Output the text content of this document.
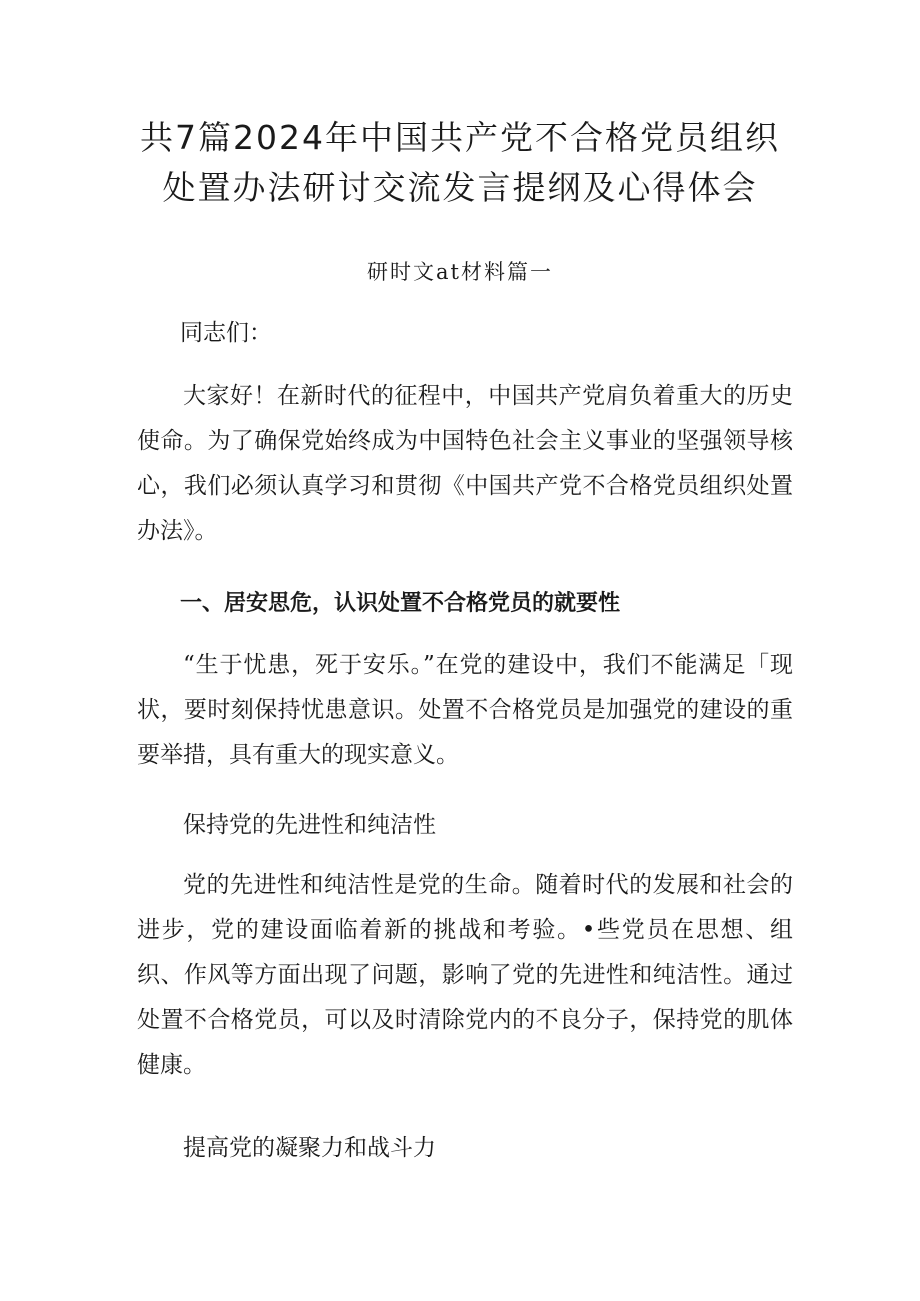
共7篇2024年中国共产党不合格党员组织
处置办法研讨交流发言提纲及心得体会
研时文at材料篇一
同志们：

大家好！在新时代的征程中，中国共产党肩负着重大的历史使命。为了确保党始终成为中国特色社会主义事业的坚强领导核心，我们必须认真学习和贯彻《中国共产党不合格党员组织处置办法》。

一、居安思危，认识处置不合格党员的就要性

“生于忧患，死于安乐。”在党的建设中，我们不能满足「现状，要时刻保持忧患意识。处置不合格党员是加强党的建设的重要举措，具有重大的现实意义。

保持党的先进性和纯洁性

党的先进性和纯洁性是党的生命。随着时代的发展和社会的进步，党的建设面临着新的挑战和考验。•些党员在思想、组织、作风等方面出现了问题，影响了党的先进性和纯洁性。通过处置不合格党员，可以及时清除党内的不良分子，保持党的肌体健康。

提高党的凝聚力和战斗力
